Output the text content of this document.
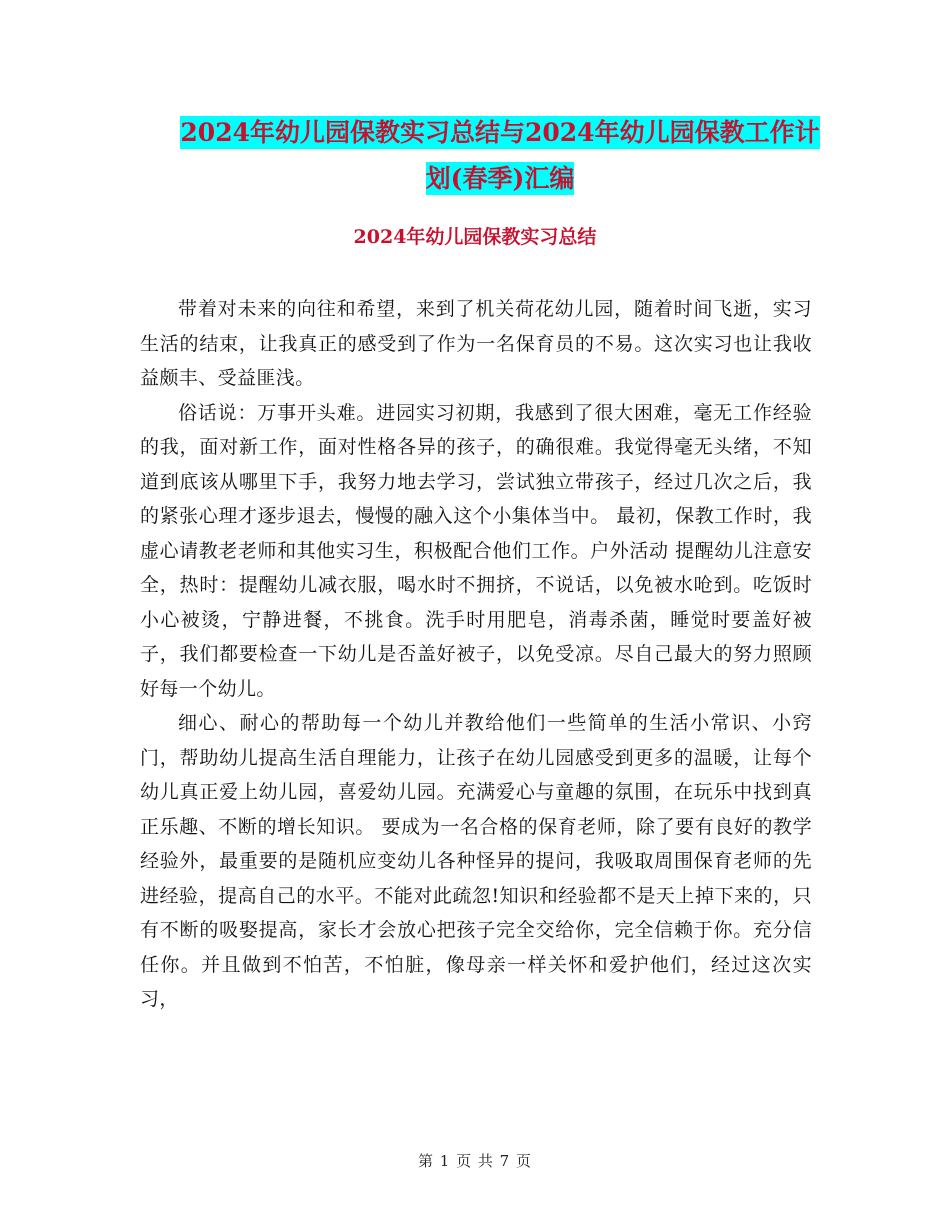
2024年幼儿园保教实习总结与2024年幼儿园保教工作计划(春季)汇编
2024年幼儿园保教实习总结

带着对未来的向往和希望，来到了机关荷花幼儿园，随着时间飞逝，实习生活的结束，让我真正的感受到了作为一名保育员的不易。这次实习也让我收益颇丰、受益匪浅。

俗话说：万事开头难。进园实习初期，我感到了很大困难，毫无工作经验的我，面对新工作，面对性格各异的孩子，的确很难。我觉得毫无头绪，不知道到底该从哪里下手，我努力地去学习，尝试独立带孩子，经过几次之后，我的紧张心理才逐步退去，慢慢的融入这个小集体当中。 最初，保教工作时，我虚心请教老老师和其他实习生，积极配合他们工作。户外活动 提醒幼儿注意安全，热时：提醒幼儿减衣服，喝水时不拥挤，不说话，以免被水呛到。吃饭时小心被烫，宁静进餐，不挑食。洗手时用肥皂，消毒杀菌，睡觉时要盖好被子，我们都要检查一下幼儿是否盖好被子，以免受凉。尽自己最大的努力照顾好每一个幼儿。

细心、耐心的帮助每一个幼儿并教给他们一些简单的生活小常识、小窍门，帮助幼儿提高生活自理能力，让孩子在幼儿园感受到更多的温暖，让每个幼儿真正爱上幼儿园，喜爱幼儿园。充满爱心与童趣的氛围，在玩乐中找到真正乐趣、不断的增长知识。 要成为一名合格的保育老师，除了要有良好的教学经验外，最重要的是随机应变幼儿各种怪异的提问，我吸取周围保育老师的先进经验，提高自己的水平。不能对此疏忽!知识和经验都不是天上掉下来的，只有不断的吸娶提高，家长才会放心把孩子完全交给你，完全信赖于你。充分信任你。并且做到不怕苦，不怕脏，像母亲一样关怀和爱护他们，经过这次实习，

第 1 页 共 7 页
